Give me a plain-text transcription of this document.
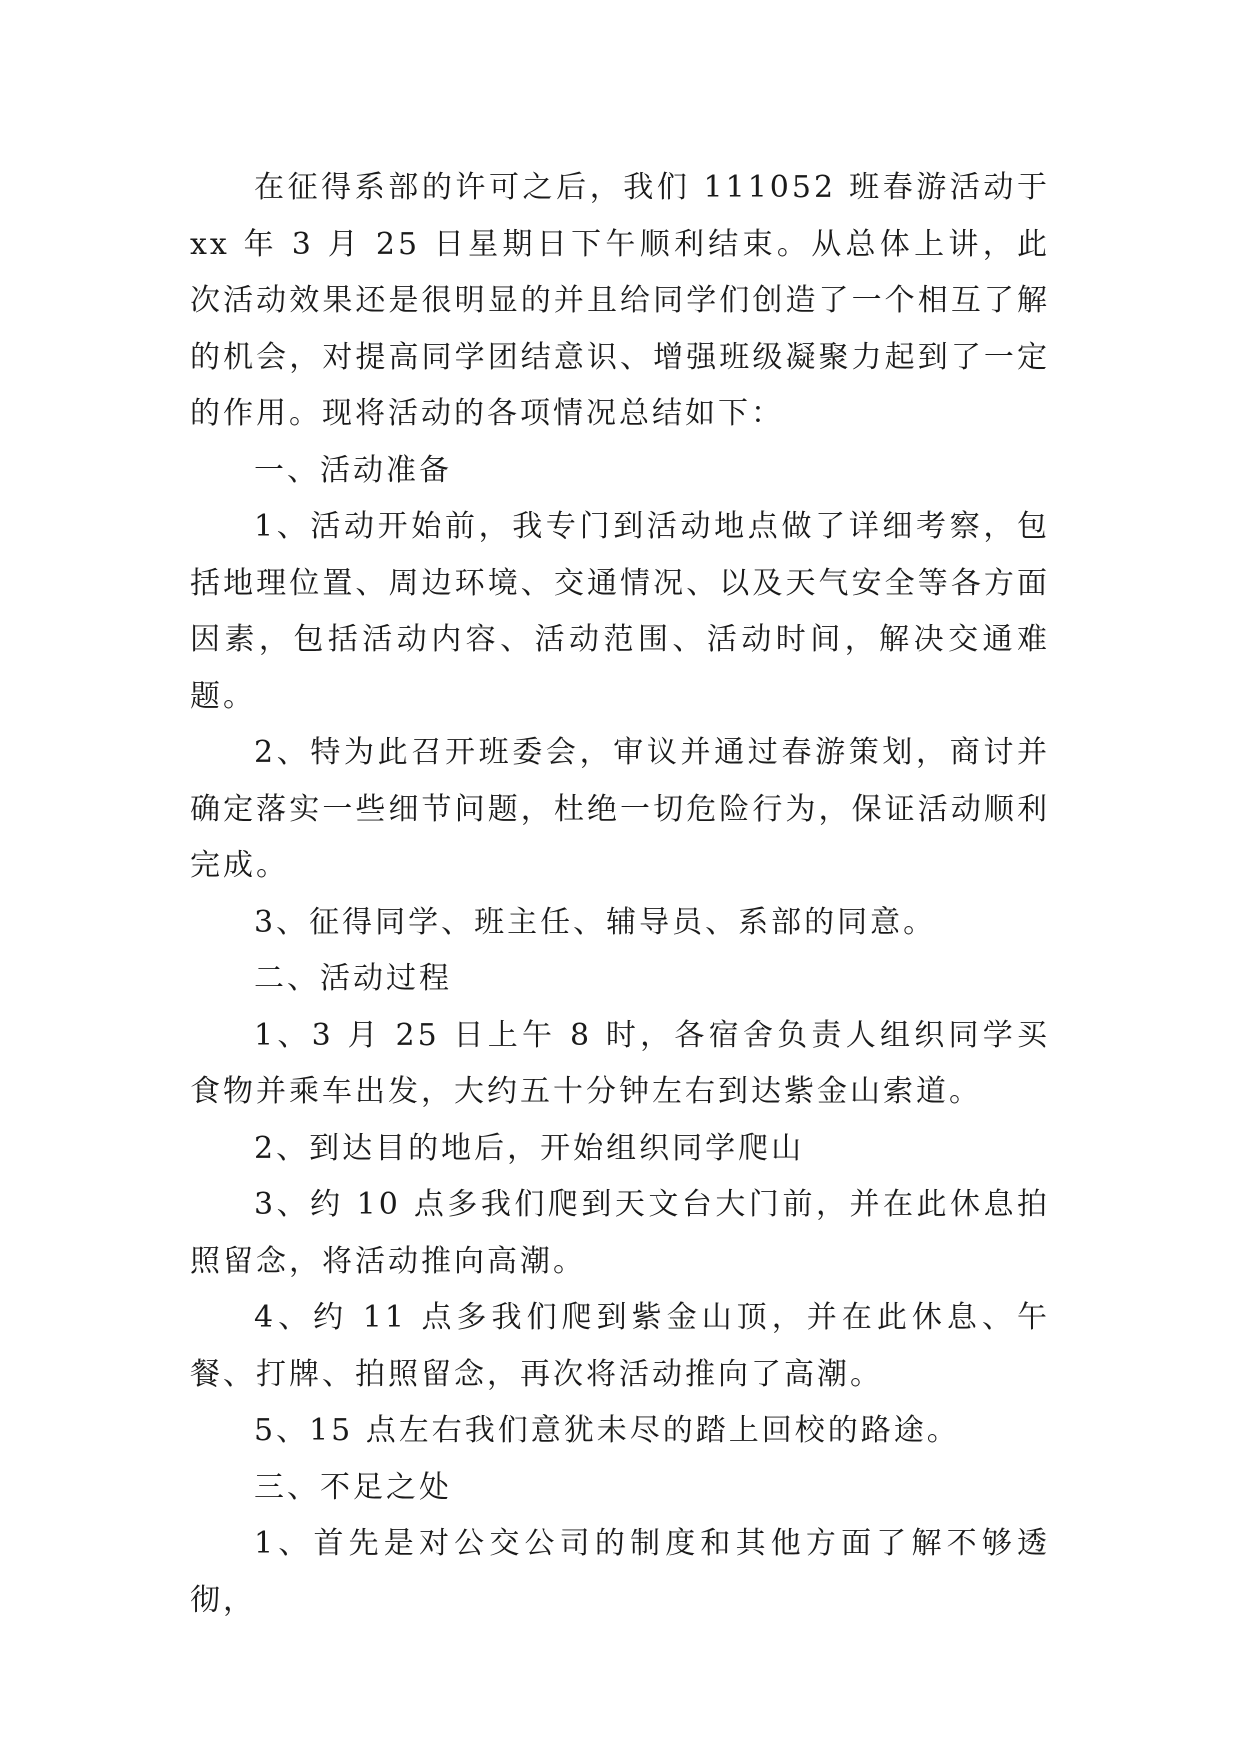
在征得系部的许可之后，我们 111052 班春游活动于 xx 年 3 月 25 日星期日下午顺利结束。从总体上讲，此次活动效果还是很明显的并且给同学们创造了一个相互了解的机会，对提高同学团结意识、增强班级凝聚力起到了一定的作用。现将活动的各项情况总结如下：

一、活动准备

1、活动开始前，我专门到活动地点做了详细考察，包括地理位置、周边环境、交通情况、以及天气安全等各方面因素，包括活动内容、活动范围、活动时间，解决交通难题。

2、特为此召开班委会，审议并通过春游策划，商讨并确定落实一些细节问题，杜绝一切危险行为，保证活动顺利完成。

3、征得同学、班主任、辅导员、系部的同意。

二、活动过程

1、3 月 25 日上午 8 时，各宿舍负责人组织同学买食物并乘车出发，大约五十分钟左右到达紫金山索道。

2、到达目的地后，开始组织同学爬山

3、约 10 点多我们爬到天文台大门前，并在此休息拍照留念，将活动推向高潮。

4、约 11 点多我们爬到紫金山顶，并在此休息、午餐、打牌、拍照留念，再次将活动推向了高潮。

5、15 点左右我们意犹未尽的踏上回校的路途。

三、不足之处

1、首先是对公交公司的制度和其他方面了解不够透彻，
